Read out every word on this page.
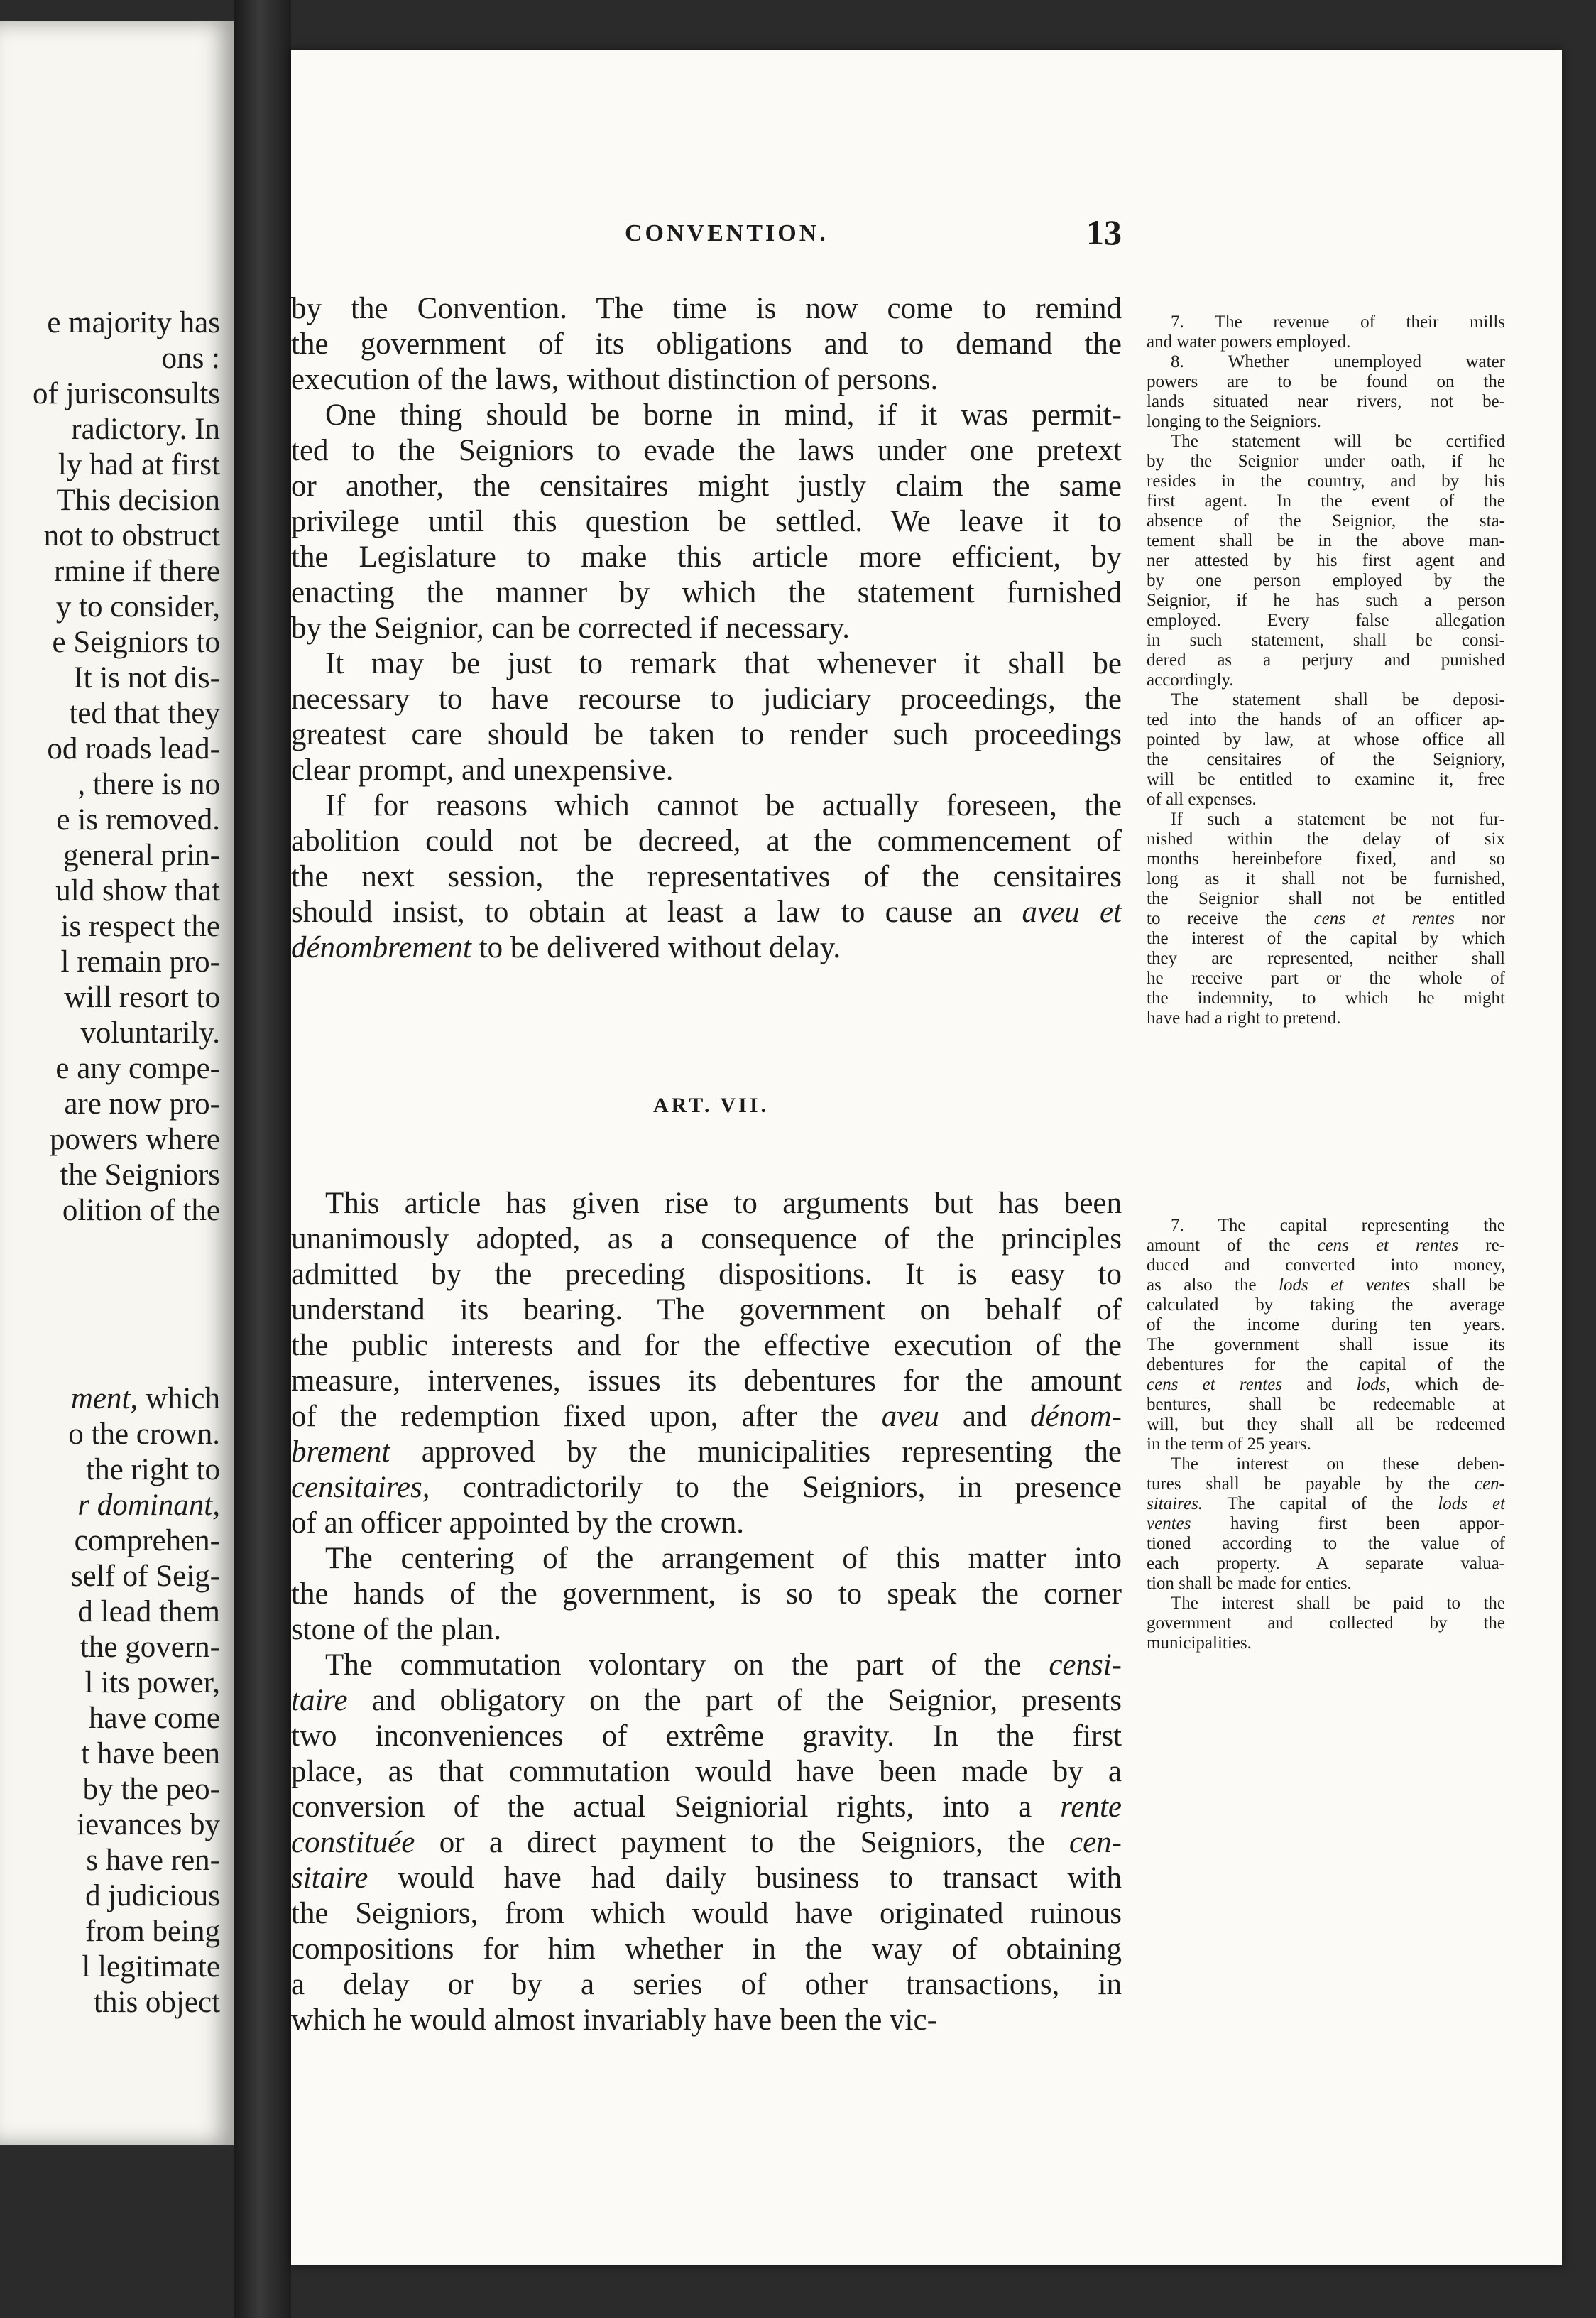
e majority has

ons :

of jurisconsults

radictory. In

ly had at first

This decision

not to obstruct

rmine if there

y to consider,

e Seigniors to

It is not dis-

ted that they

od roads lead-

, there is no

e is removed.

general prin-

uld show that

is respect the

l remain pro-

will resort to

voluntarily.

e any compe-

are now pro-

powers where

the Seigniors

olition of the

ment, which

o the crown.

the right to

r dominant,

comprehen-

self of Seig-

d lead them

the govern-

l its power,

have come

t have been

by the peo-

ievances by

s have ren-

d judicious

from being

l legitimate

this object

CONVENTION.	13

by the Convention. The time is now come to remind

the government of its obligations and to demand the

execution of the laws, without distinction of persons.

One thing should be borne in mind, if it was permit-

ted to the Seigniors to evade the laws under one pretext

or another, the censitaires might justly claim the same

privilege until this question be settled. We leave it to

the Legislature to make this article more efficient, by

enacting the manner by which the statement furnished

by the Seignior, can be corrected if necessary.

It may be just to remark that whenever it shall be

necessary to have recourse to judiciary proceedings, the

greatest care should be taken to render such proceedings

clear prompt, and unexpensive.

If for reasons which cannot be actually foreseen, the

abolition could not be decreed, at the commencement of

the next session, the representatives of the censitaires

should insist, to obtain at least a law to cause an aveu et

dénombrement to be delivered without delay.

ART. VII.

This article has given rise to arguments but has been

unanimously adopted, as a consequence of the principles

admitted by the preceding dispositions. It is easy to

understand its bearing. The government on behalf of

the public interests and for the effective execution of the

measure, intervenes, issues its debentures for the amount

of the redemption fixed upon, after the aveu and dénom-

brement approved by the municipalities representing the

censitaires, contradictorily to the Seigniors, in presence

of an officer appointed by the crown.

The centering of the arrangement of this matter into

the hands of the government, is so to speak the corner

stone of the plan.

The commutation volontary on the part of the censi-

taire and obligatory on the part of the Seignior, presents

two inconveniences of extrême gravity. In the first

place, as that commutation would have been made by a

conversion of the actual Seigniorial rights, into a rente

constituée or a direct payment to the Seigniors, the cen-

sitaire would have had daily business to transact with

the Seigniors, from which would have originated ruinous

compositions for him whether in the way of obtaining

a delay or by a series of other transactions, in

which he would almost invariably have been the vic-

7. The revenue of their mills

and water powers employed.

8. Whether unemployed water

powers are to be found on the

lands situated near rivers, not be-

longing to the Seigniors.

The statement will be certified

by the Seignior under oath, if he

resides in the country, and by his

first agent. In the event of the

absence of the Seignior, the sta-

tement shall be in the above man-

ner attested by his first agent and

by one person employed by the

Seignior, if he has such a person

employed. Every false allegation

in such statement, shall be consi-

dered as a perjury and punished

accordingly.

The statement shall be deposi-

ted into the hands of an officer ap-

pointed by law, at whose office all

the censitaires of the Seigniory,

will be entitled to examine it, free

of all expenses.

If such a statement be not fur-

nished within the delay of six

months hereinbefore fixed, and so

long as it shall not be furnished,

the Seignior shall not be entitled

to receive the cens et rentes nor

the interest of the capital by which

they are represented, neither shall

he receive part or the whole of

the indemnity, to which he might

have had a right to pretend.

7. The capital representing the

amount of the cens et rentes re-

duced and converted into money,

as also the lods et ventes shall be

calculated by taking the average

of the income during ten years.

The government shall issue its

debentures for the capital of the

cens et rentes and lods, which de-

bentures, shall be redeemable at

will, but they shall all be redeemed

in the term of 25 years.

The interest on these deben-

tures shall be payable by the cen-

sitaires. The capital of the lods et

ventes having first been appor-

tioned according to the value of

each property. A separate valua-

tion shall be made for enties.

The interest shall be paid to the

government and collected by the

municipalities.
